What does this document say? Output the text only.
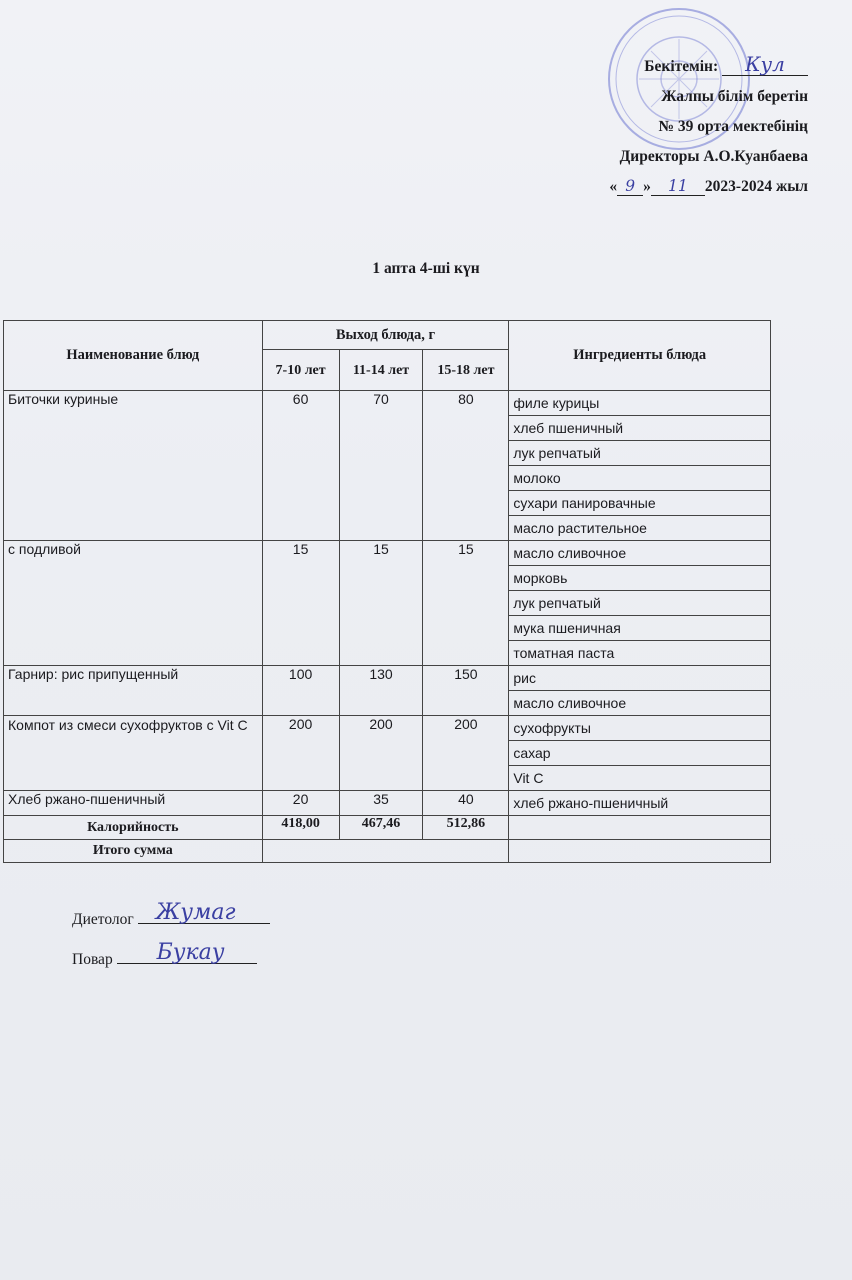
Бекітемін: Кул
Жалпы білім беретін
№ 39 орта мектебінің
Директоры А.О.Куанбаева
« 9 » 11 2023-2024 жыл
1 апта 4-ші күн
Наименование блюд	Выход блюда, г			Ингредиенты блюда
	7-10 лет	11-14 лет	15-18 лет	
Биточки куриные	60	70	80	филе курицы
				хлеб пшеничный
				лук репчатый
				молоко
				сухари панировачные
				масло растительное
с подливой	15	15	15	масло сливочное
				морковь
				лук репчатый
				мука пшеничная
				томатная паста
Гарнир: рис припущенный	100	130	150	рис
				масло сливочное
Компот из смеси сухофруктов с Vit C	200	200	200	сухофрукты
				сахар
				Vit C
Хлеб ржано-пшеничный	20	35	40	хлеб ржано-пшеничный
Калорийность	418,00	467,46	512,86	
Итого сумма				
Диетолог Жумаг
Повар Букау
